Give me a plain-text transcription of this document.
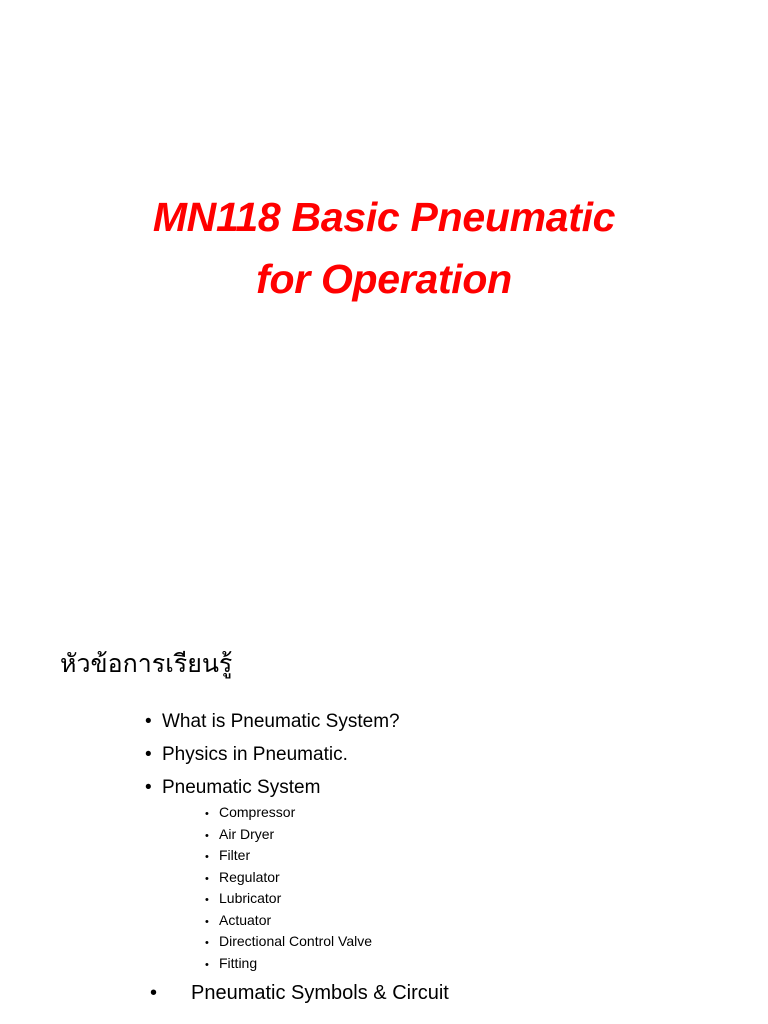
MN118 Basic Pneumatic
for Operation
หัวข้อการเรียนรู้
• What is Pneumatic System?
• Physics in Pneumatic.
• Pneumatic System
• Compressor
• Air Dryer
• Filter
• Regulator
• Lubricator
• Actuator
• Directional Control Valve
• Fitting
• Pneumatic Symbols & Circuit
